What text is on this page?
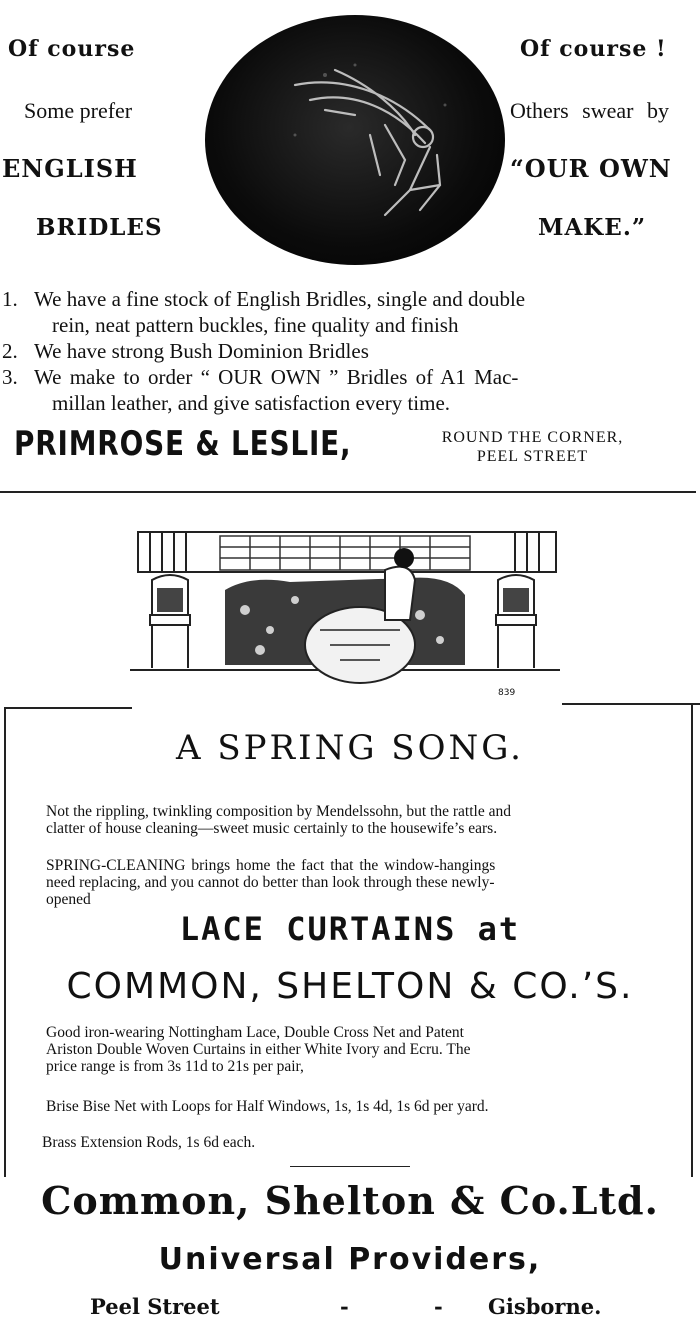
Of course
Some prefer
ENGLISH
BRIDLES
Of course !
Others swear by
“OUR OWN
MAKE.”
1. We have a fine stock of English Bridles, single and double
rein, neat pattern buckles, fine quality and finish
2. We have strong Bush Dominion Bridles
3. We make to order “ OUR OWN ” Bridles of A1 Mac-
millan leather, and give satisfaction every time.
PRIMROSE & LESLIE,	ROUND THE CORNER,
PEEL STREET
839
A SPRING SONG.
Not the rippling, twinkling composition by Mendelssohn, but the rattle and
clatter of house cleaning—sweet music certainly to the housewife’s ears.
SPRING-CLEANING brings home the fact that the window-hangings
need replacing, and you cannot do better than look through these newly-
opened
LACE CURTAINS at
COMMON, SHELTON & CO.’S.
Good iron-wearing Nottingham Lace, Double Cross Net and Patent
Ariston Double Woven Curtains in either White Ivory and Ecru. The
price range is from 3s 11d to 21s per pair,
Brise Bise Net with Loops for Half Windows, 1s, 1s 4d, 1s 6d per yard.
Brass Extension Rods, 1s 6d each.
Common, Shelton & Co.Ltd.
Universal Providers,
Peel Street	-	- Gisborne.
